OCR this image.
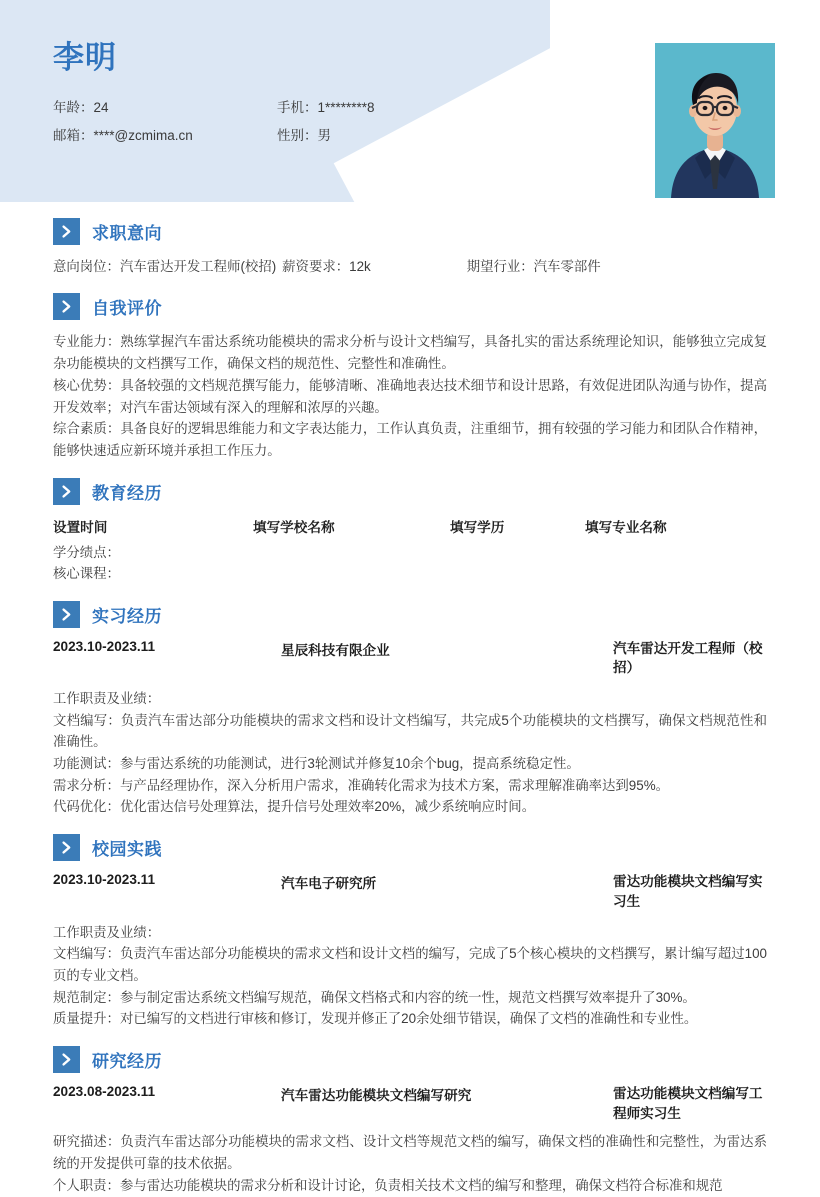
李明
年龄：24	手机：1********8
邮箱：****@zcmima.cn	性别：男
求职意向
意向岗位：汽车雷达开发工程师(校招) 薪资要求：12k	期望行业：汽车零部件
自我评价

专业能力：熟练掌握汽车雷达系统功能模块的需求分析与设计文档编写，具备扎实的雷达系统理论知识，能够独立完成复杂功能模块的文档撰写工作，确保文档的规范性、完整性和准确性。

核心优势：具备较强的文档规范撰写能力，能够清晰、准确地表达技术细节和设计思路，有效促进团队沟通与协作，提高开发效率；对汽车雷达领域有深入的理解和浓厚的兴趣。

综合素质：具备良好的逻辑思维能力和文字表达能力，工作认真负责，注重细节，拥有较强的学习能力和团队合作精神，能够快速适应新环境并承担工作压力。

教育经历
设置时间	填写学校名称	填写学历	填写专业名称
学分绩点：
核心课程：
实习经历
2023.10-2023.11	星辰科技有限企业	汽车雷达开发工程师（校招）
工作职责及业绩：

文档编写：负责汽车雷达部分功能模块的需求文档和设计文档编写，共完成5个功能模块的文档撰写，确保文档规范性和准确性。

功能测试：参与雷达系统的功能测试，进行3轮测试并修复10余个bug，提高系统稳定性。

需求分析：与产品经理协作，深入分析用户需求，准确转化需求为技术方案，需求理解准确率达到95%。

代码优化：优化雷达信号处理算法，提升信号处理效率20%，减少系统响应时间。

校园实践
2023.10-2023.11	汽车电子研究所	雷达功能模块文档编写实习生
工作职责及业绩：

文档编写：负责汽车雷达部分功能模块的需求文档和设计文档的编写，完成了5个核心模块的文档撰写，累计编写超过100页的专业文档。

规范制定：参与制定雷达系统文档编写规范，确保文档格式和内容的统一性，规范文档撰写效率提升了30%。

质量提升：对已编写的文档进行审核和修订，发现并修正了20余处细节错误，确保了文档的准确性和专业性。

研究经历
2023.08-2023.11	汽车雷达功能模块文档编写研究	雷达功能模块文档编写工程师实习生

研究描述：负责汽车雷达部分功能模块的需求文档、设计文档等规范文档的编写，确保文档的准确性和完整性，为雷达系统的开发提供可靠的技术依据。

个人职责：参与雷达功能模块的需求分析和设计讨论，负责相关技术文档的编写和整理，确保文档符合标准和规范
